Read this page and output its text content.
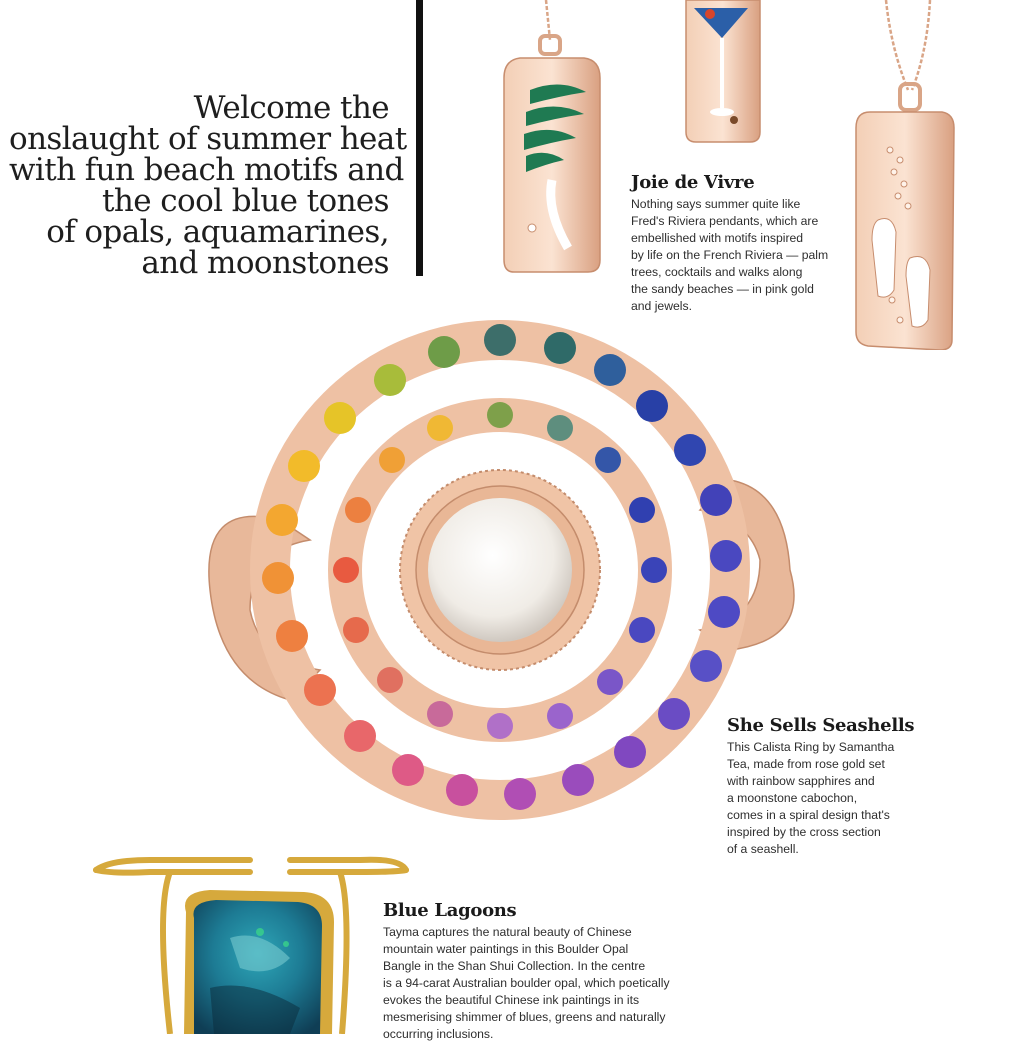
Welcome the
onslaught of summer heat
with fun beach motifs and
the cool blue tones
of opals, aquamarines,
and moonstones
Joie de Vivre

Nothing says summer quite like
Fred's Riviera pendants, which are
embellished with motifs inspired
by life on the French Riviera — palm
trees, cocktails and walks along
the sandy beaches — in pink gold
and jewels.

She Sells Seashells

This Calista Ring by Samantha
Tea, made from rose gold set
with rainbow sapphires and
a moonstone cabochon,
comes in a spiral design that's
inspired by the cross section
of a seashell.

Blue Lagoons

Tayma captures the natural beauty of Chinese
mountain water paintings in this Boulder Opal
Bangle in the Shan Shui Collection. In the centre
is a 94-carat Australian boulder opal, which poetically
evokes the beautiful Chinese ink paintings in its
mesmerising shimmer of blues, greens and naturally
occurring inclusions.
